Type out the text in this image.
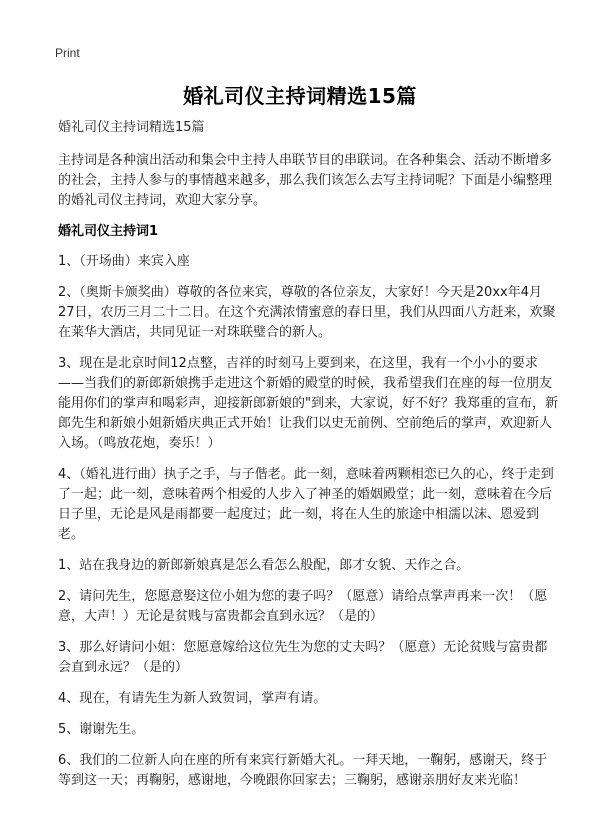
Print
婚礼司仪主持词精选15篇

婚礼司仪主持词精选15篇

主持词是各种演出活动和集会中主持人串联节目的串联词。在各种集会、活动不断增多的社会，主持人参与的事情越来越多，那么我们该怎么去写主持词呢？下面是小编整理的婚礼司仪主持词，欢迎大家分享。

婚礼司仪主持词1

1、（开场曲）来宾入座

2、（奥斯卡颁奖曲）尊敬的各位来宾，尊敬的各位亲友，大家好！今天是20xx年4月27日，农历三月二十二日。在这个充满浓情蜜意的春日里，我们从四面八方赶来，欢聚在莱华大酒店，共同见证一对珠联璧合的新人。

3、现在是北京时间12点整，吉祥的时刻马上要到来，在这里，我有一个小小的要求——当我们的新郎新娘携手走进这个新婚的殿堂的时候，我希望我们在座的每一位朋友能用你们的掌声和喝彩声，迎接新郎新娘的"到来，大家说，好不好？我郑重的宣布，新郎先生和新娘小姐新婚庆典正式开始！让我们以史无前例、空前绝后的掌声，欢迎新人入场。（鸣放花炮，奏乐！）

4、（婚礼进行曲）执子之手，与子偕老。此一刻，意味着两颗相恋已久的心，终于走到了一起；此一刻，意味着两个相爱的人步入了神圣的婚姻殿堂；此一刻，意味着在今后日子里，无论是风是雨都要一起度过；此一刻，将在人生的旅途中相濡以沫、恩爱到老。

1、站在我身边的新郎新娘真是怎么看怎么般配，郎才女貌、天作之合。

2、请问先生，您愿意娶这位小姐为您的妻子吗？（愿意）请给点掌声再来一次！（愿意，大声！）无论是贫贱与富贵都会直到永远？（是的）

3、那么好请问小姐：您愿意嫁给这位先生为您的丈夫吗？（愿意）无论贫贱与富贵都会直到永远？（是的）

4、现在，有请先生为新人致贺词，掌声有请。

5、谢谢先生。

6、我们的二位新人向在座的所有来宾行新婚大礼。一拜天地，一鞠躬，感谢天，终于等到这一天；再鞠躬，感谢地，今晚跟你回家去；三鞠躬，感谢亲朋好友来光临！
